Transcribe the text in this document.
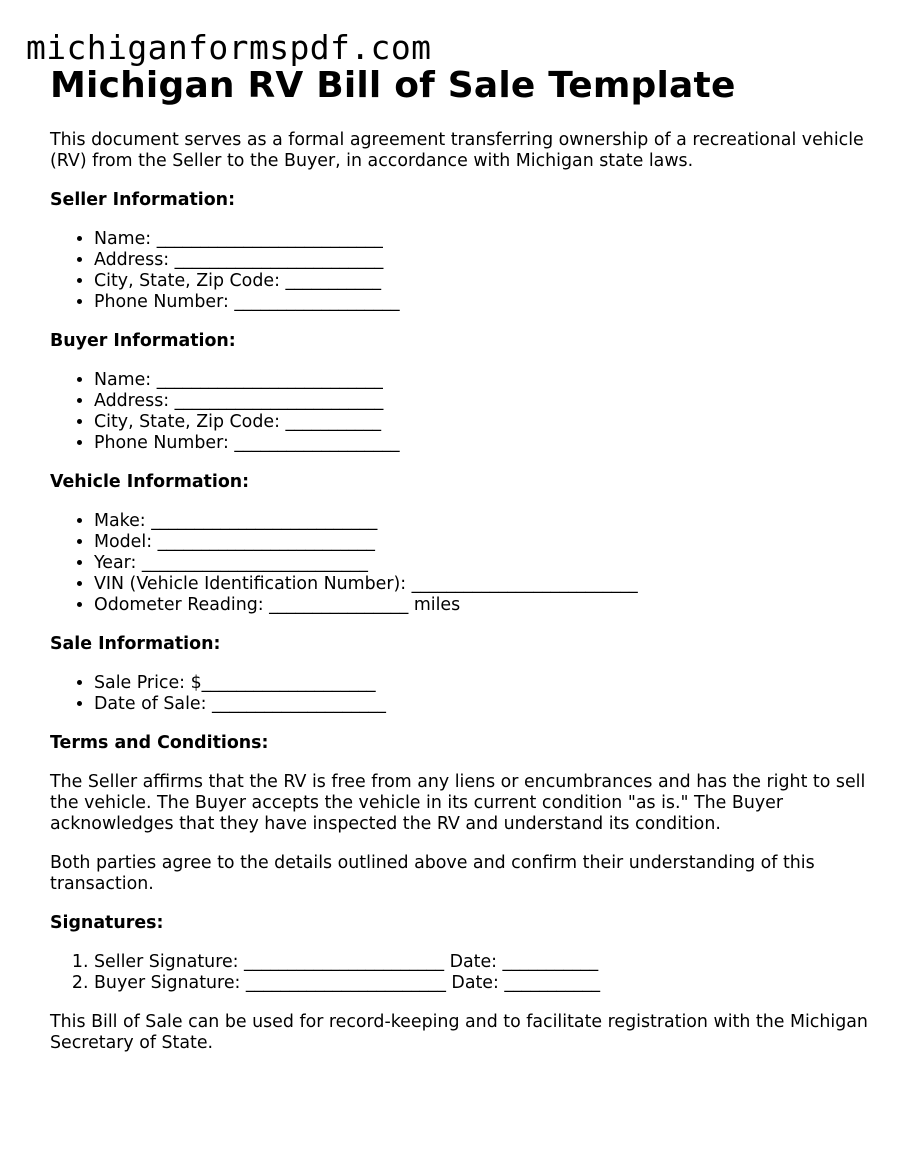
michiganformspdf.com
Michigan RV Bill of Sale Template

This document serves as a formal agreement transferring ownership of a recreational vehicle (RV) from the Seller to the Buyer, in accordance with Michigan state laws.

Seller Information:
• Name: __________________________
• Address: ________________________
• City, State, Zip Code: ___________
• Phone Number: ___________________
Buyer Information:
• Name: __________________________
• Address: ________________________
• City, State, Zip Code: ___________
• Phone Number: ___________________
Vehicle Information:
• Make: __________________________
• Model: _________________________
• Year: __________________________
• VIN (Vehicle Identification Number): __________________________
• Odometer Reading: ________________ miles
Sale Information:
• Sale Price: $____________________
• Date of Sale: ____________________
Terms and Conditions:

The Seller affirms that the RV is free from any liens or encumbrances and has the right to sell the vehicle. The Buyer accepts the vehicle in its current condition "as is." The Buyer acknowledges that they have inspected the RV and understand its condition.

Both parties agree to the details outlined above and confirm their understanding of this transaction.

Signatures:
1. Seller Signature: _______________________ Date: ___________
2. Buyer Signature: _______________________ Date: ___________

This Bill of Sale can be used for record-keeping and to facilitate registration with the Michigan Secretary of State.
